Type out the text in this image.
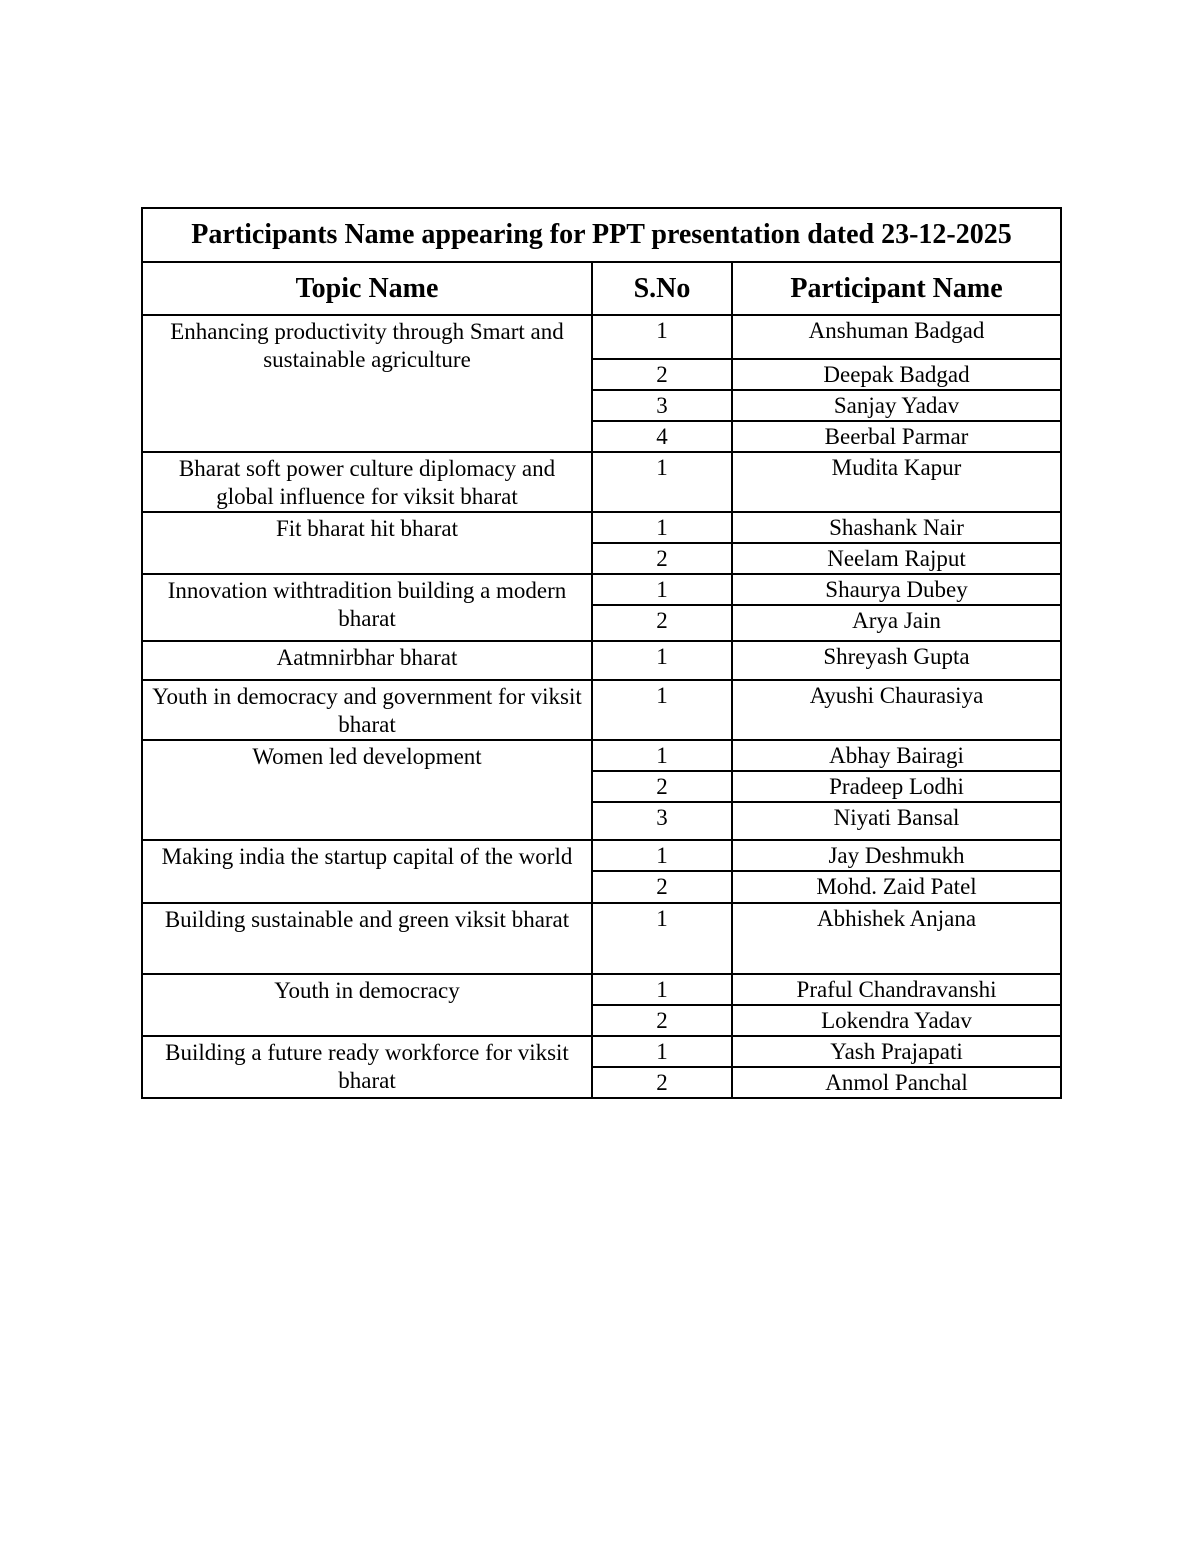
Participants Name appearing for PPT presentation dated 23-12-2025		
Topic Name	S.No	Participant Name
Enhancing productivity through Smart and sustainable agriculture	1	Anshuman Badgad
	2	Deepak Badgad
	3	Sanjay Yadav
	4	Beerbal Parmar
Bharat soft power culture diplomacy and global influence for viksit bharat	1	Mudita Kapur
Fit bharat hit bharat	1	Shashank Nair
	2	Neelam Rajput
Innovation withtradition building a modern bharat	1	Shaurya Dubey
	2	Arya Jain
Aatmnirbhar bharat	1	Shreyash Gupta
Youth in democracy and government for viksit bharat	1	Ayushi Chaurasiya
Women led development	1	Abhay Bairagi
	2	Pradeep Lodhi
	3	Niyati Bansal
Making india the startup capital of the world	1	Jay Deshmukh
	2	Mohd. Zaid Patel
Building sustainable and green viksit bharat	1	Abhishek Anjana
Youth in democracy	1	Praful Chandravanshi
	2	Lokendra Yadav
Building a future ready workforce for viksit bharat	1	Yash Prajapati
	2	Anmol Panchal
